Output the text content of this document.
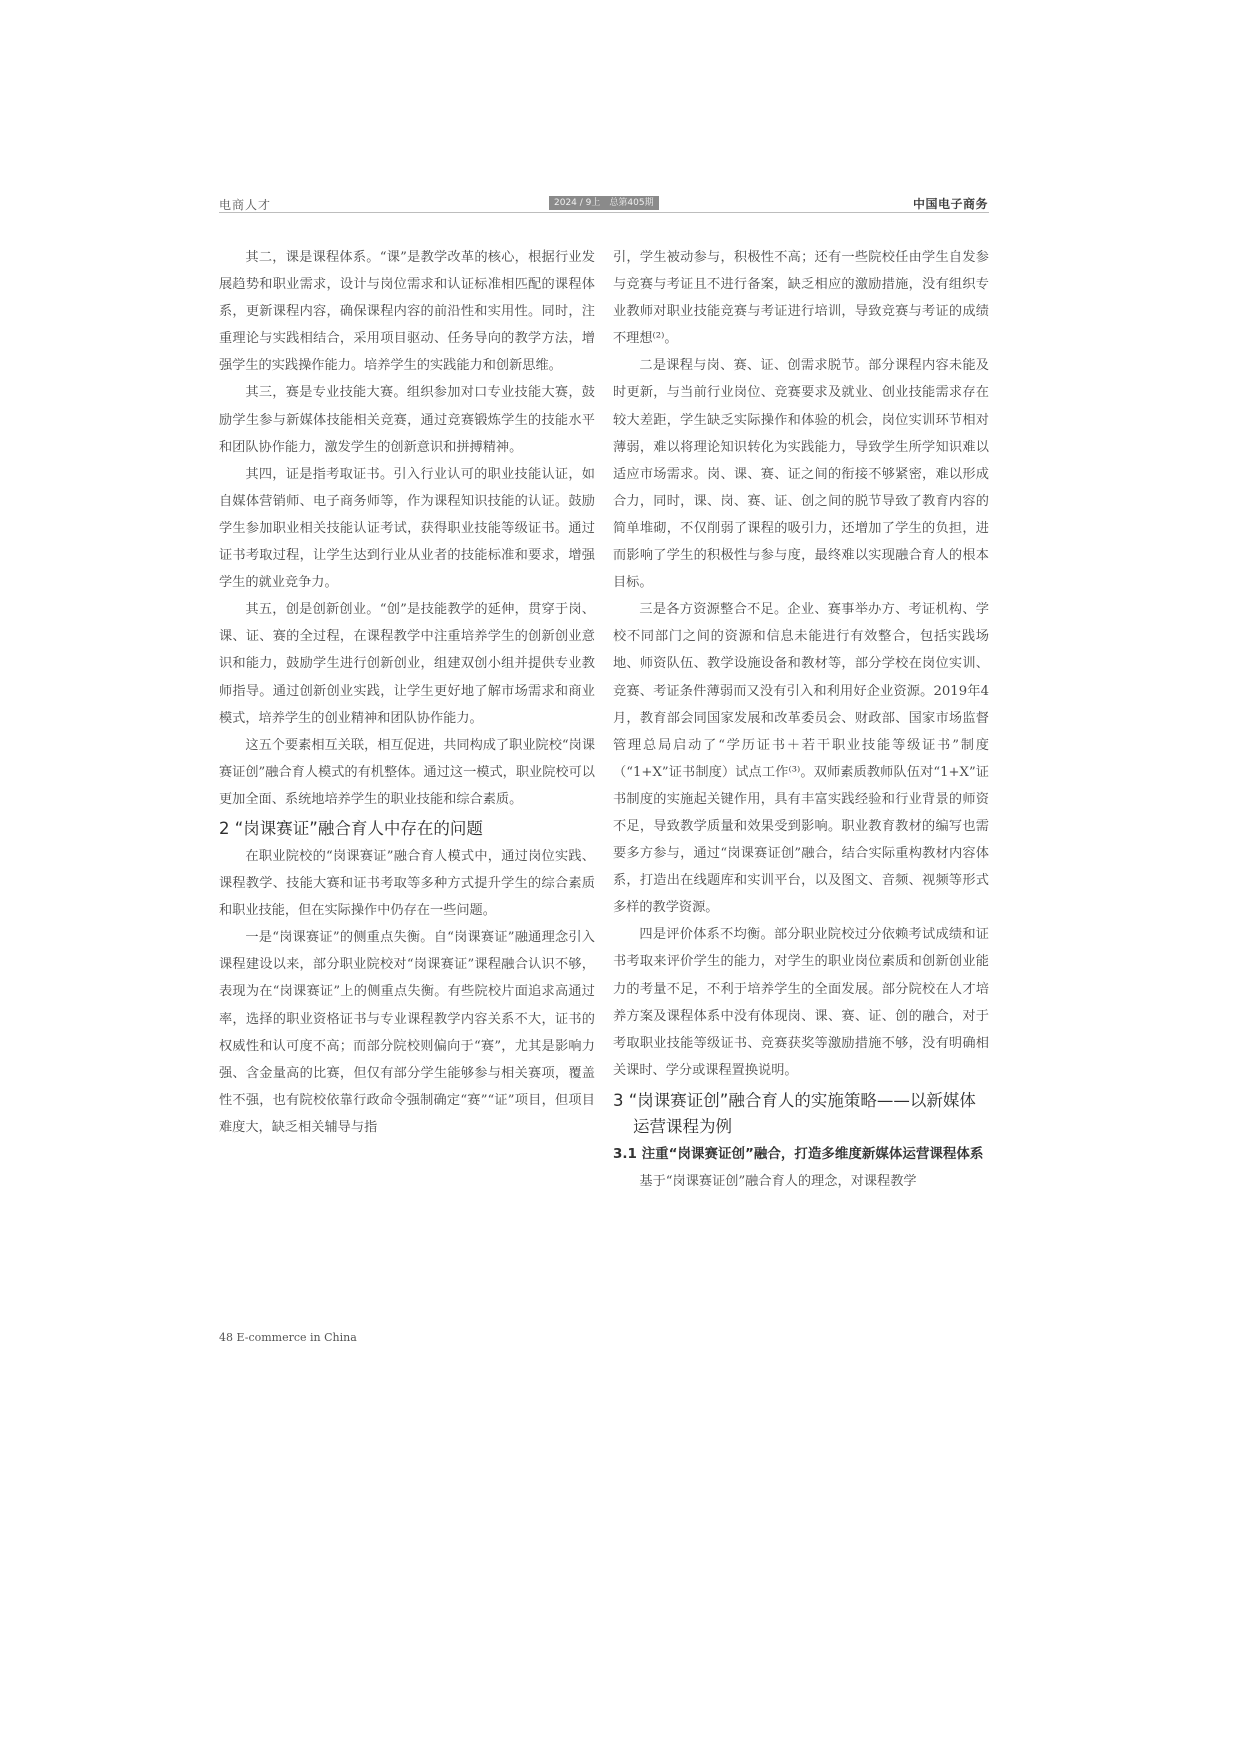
电商人才	2024 / 9上　总第405期	中国电子商务

其二，课是课程体系。“课”是教学改革的核心，根据行业发展趋势和职业需求，设计与岗位需求和认证标准相匹配的课程体系，更新课程内容，确保课程内容的前沿性和实用性。同时，注重理论与实践相结合，采用项目驱动、任务导向的教学方法，增强学生的实践操作能力。培养学生的实践能力和创新思维。

其三，赛是专业技能大赛。组织参加对口专业技能大赛，鼓励学生参与新媒体技能相关竞赛，通过竞赛锻炼学生的技能水平和团队协作能力，激发学生的创新意识和拼搏精神。

其四，证是指考取证书。引入行业认可的职业技能认证，如自媒体营销师、电子商务师等，作为课程知识技能的认证。鼓励学生参加职业相关技能认证考试，获得职业技能等级证书。通过证书考取过程，让学生达到行业从业者的技能标准和要求，增强学生的就业竞争力。

其五，创是创新创业。“创”是技能教学的延伸，贯穿于岗、课、证、赛的全过程，在课程教学中注重培养学生的创新创业意识和能力，鼓励学生进行创新创业，组建双创小组并提供专业教师指导。通过创新创业实践，让学生更好地了解市场需求和商业模式，培养学生的创业精神和团队协作能力。

这五个要素相互关联，相互促进，共同构成了职业院校“岗课赛证创”融合育人模式的有机整体。通过这一模式，职业院校可以更加全面、系统地培养学生的职业技能和综合素质。

2 “岗课赛证”融合育人中存在的问题

在职业院校的“岗课赛证”融合育人模式中，通过岗位实践、课程教学、技能大赛和证书考取等多种方式提升学生的综合素质和职业技能，但在实际操作中仍存在一些问题。

一是“岗课赛证”的侧重点失衡。自“岗课赛证”融通理念引入课程建设以来，部分职业院校对“岗课赛证”课程融合认识不够，表现为在“岗课赛证”上的侧重点失衡。有些院校片面追求高通过率，选择的职业资格证书与专业课程教学内容关系不大，证书的权威性和认可度不高；而部分院校则偏向于“赛”，尤其是影响力强、含金量高的比赛，但仅有部分学生能够参与相关赛项，覆盖性不强，也有院校依靠行政命令强制确定“赛”“证”项目，但项目难度大，缺乏相关辅导与指

引，学生被动参与，积极性不高；还有一些院校任由学生自发参与竞赛与考证且不进行备案，缺乏相应的激励措施，没有组织专业教师对职业技能竞赛与考证进行培训，导致竞赛与考证的成绩不理想⁽²⁾。

二是课程与岗、赛、证、创需求脱节。部分课程内容未能及时更新，与当前行业岗位、竞赛要求及就业、创业技能需求存在较大差距，学生缺乏实际操作和体验的机会，岗位实训环节相对薄弱，难以将理论知识转化为实践能力，导致学生所学知识难以适应市场需求。岗、课、赛、证之间的衔接不够紧密，难以形成合力，同时，课、岗、赛、证、创之间的脱节导致了教育内容的简单堆砌，不仅削弱了课程的吸引力，还增加了学生的负担，进而影响了学生的积极性与参与度，最终难以实现融合育人的根本目标。

三是各方资源整合不足。企业、赛事举办方、考证机构、学校不同部门之间的资源和信息未能进行有效整合，包括实践场地、师资队伍、教学设施设备和教材等，部分学校在岗位实训、竞赛、考证条件薄弱而又没有引入和利用好企业资源。2019年4月，教育部会同国家发展和改革委员会、财政部、国家市场监督管理总局启动了“学历证书＋若干职业技能等级证书”制度（“1+X”证书制度）试点工作⁽³⁾。双师素质教师队伍对“1+X”证书制度的实施起关键作用，具有丰富实践经验和行业背景的师资不足，导致教学质量和效果受到影响。职业教育教材的编写也需要多方参与，通过“岗课赛证创”融合，结合实际重构教材内容体系，打造出在线题库和实训平台，以及图文、音频、视频等形式多样的教学资源。

四是评价体系不均衡。部分职业院校过分依赖考试成绩和证书考取来评价学生的能力，对学生的职业岗位素质和创新创业能力的考量不足，不利于培养学生的全面发展。部分院校在人才培养方案及课程体系中没有体现岗、课、赛、证、创的融合，对于考取职业技能等级证书、竞赛获奖等激励措施不够，没有明确相关课时、学分或课程置换说明。

3 “岗课赛证创”融合育人的实施策略——以新媒体运营课程为例
3.1 注重“岗课赛证创”融合，打造多维度新媒体运营课程体系

基于“岗课赛证创”融合育人的理念，对课程教学

48 E-commerce in China
